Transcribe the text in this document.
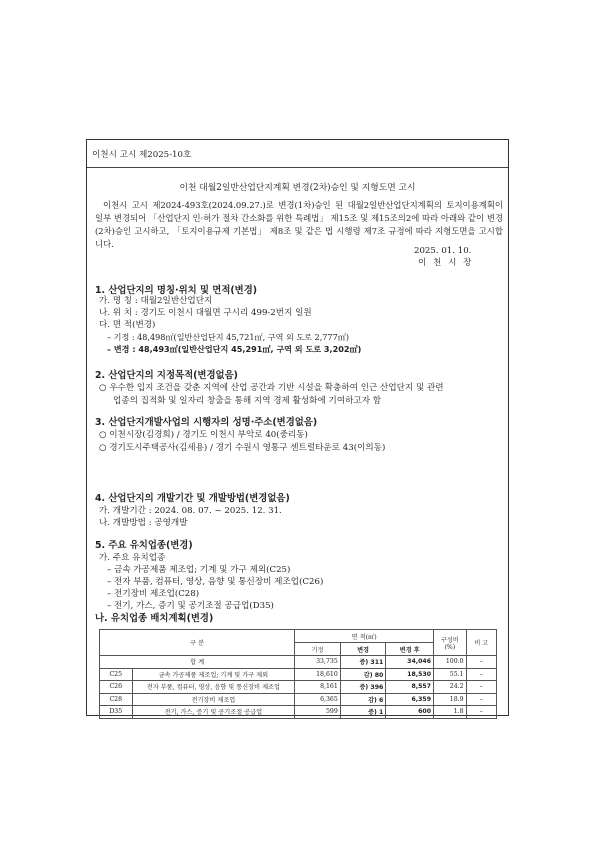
이천시 고시 제2025-10호
이천 대월2일반산업단지계획 변경(2차)승인 및 지형도면 고시
이천시 고시 제2024-493호(2024.09.27.)로 변경(1차)승인 된 대월2일반산업단지계획의 토지이용계획이 일부 변경되어 「산업단지 인·허가 절차 간소화를 위한 특례법」 제15조 및 제15조의2에 따라 아래와 같이 변경(2차)승인 고시하고, 「토지이용규제 기본법」 제8조 및 같은 법 시행령 제7조 규정에 따라 지형도면을 고시합니다.
2025. 01. 10.
이 천 시 장
1. 산업단지의 명칭·위치 및 면적(변경)
가. 명 칭 : 대월2일반산업단지
나. 위 치 : 경기도 이천시 대월면 구시리 499-2번지 일원
다. 면 적(변경)
– 기정 : 48,498㎡(일반산업단지 45,721㎡, 구역 외 도로 2,777㎡)
– 변경 : 48,493㎡(일반산업단지 45,291㎡, 구역 외 도로 3,202㎡)
2. 산업단지의 지정목적(변경없음)
○ 우수한 입지 조건을 갖춘 지역에 산업 공간과 기반 시설을 확충하여 인근 산업단지 및 관련
업종의 집적화 및 일자리 창출을 통해 지역 경제 활성화에 기여하고자 함
3. 산업단지개발사업의 시행자의 성명·주소(변경없음)
○ 이천시장(김경희) / 경기도 이천시 부악로 40(중리동)
○ 경기도시주택공사(김세용) / 경기 수원시 영통구 센트럴타운로 43(이의동)
4. 산업단지의 개발기간 및 개발방법(변경없음)
가. 개발기간 : 2024. 08. 07. ~ 2025. 12. 31.
나. 개발방법 : 공영개발
5. 주요 유치업종(변경)
가. 주요 유치업종
– 금속 가공제품 제조업; 기계 및 가구 제외(C25)
– 전자 부품, 컴퓨터, 영상, 음향 및 통신장비 제조업(C26)
– 전기장비 제조업(C28)
– 전기, 가스, 증기 및 공기조절 공급업(D35)
나. 유치업종 배치계획(변경)
구 분		면 적(㎡)			구성비 (%)	비 고
		기정	변경	변경 후		
합 계		33,735	증) 311	34,046	100.0	–
C25	금속 가공제품 제조업; 기계 및 가구 제외	18,610	감) 80	18,530	55.1	–
C26	전자 부품, 컴퓨터, 영상, 음향 및 통신장비 제조업	8,161	증) 396	8,557	24.2	–
C28	전기장비 제조업	6,365	감) 6	6,359	18.9	–
D35	전기, 가스, 증기 및 공기조절 공급업	599	증) 1	600	1.8	–
